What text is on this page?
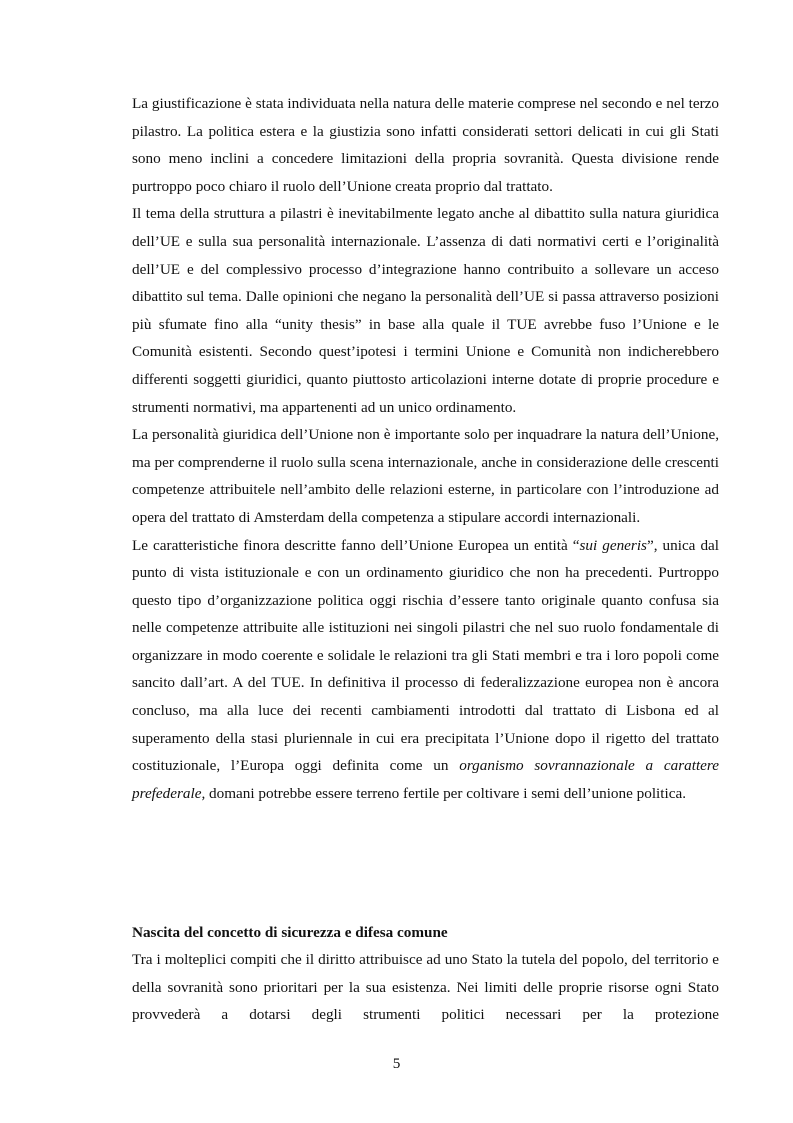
La giustificazione è stata individuata nella natura delle materie comprese nel secondo e nel terzo pilastro. La politica estera e la giustizia sono infatti considerati settori delicati in cui gli Stati sono meno inclini a concedere limitazioni della propria sovranità. Questa divisione rende purtroppo poco chiaro il ruolo dell’Unione creata proprio dal trattato.

Il tema della struttura a pilastri è inevitabilmente legato anche al dibattito sulla natura giuridica dell’UE e sulla sua personalità internazionale. L’assenza di dati normativi certi e l’originalità dell’UE e del complessivo processo d’integrazione hanno contribuito a sollevare un acceso dibattito sul tema. Dalle opinioni che negano la personalità dell’UE si passa attraverso posizioni più sfumate fino alla “unity thesis” in base alla quale il TUE avrebbe fuso l’Unione e le Comunità esistenti. Secondo quest’ipotesi i termini Unione e Comunità non indicherebbero differenti soggetti giuridici, quanto piuttosto articolazioni interne dotate di proprie procedure e strumenti normativi, ma appartenenti ad un unico ordinamento.

La personalità giuridica dell’Unione non è importante solo per inquadrare la natura dell’Unione, ma per comprenderne il ruolo sulla scena internazionale, anche in considerazione delle crescenti competenze attribuitele nell’ambito delle relazioni esterne, in particolare con l’introduzione ad opera del trattato di Amsterdam della competenza a stipulare accordi internazionali.

Le caratteristiche finora descritte fanno dell’Unione Europea un entità “sui generis”, unica dal punto di vista istituzionale e con un ordinamento giuridico che non ha precedenti. Purtroppo questo tipo d’organizzazione politica oggi rischia d’essere tanto originale quanto confusa sia nelle competenze attribuite alle istituzioni nei singoli pilastri che nel suo ruolo fondamentale di organizzare in modo coerente e solidale le relazioni tra gli Stati membri e tra i loro popoli come sancito dall’art. A del TUE. In definitiva il processo di federalizzazione europea non è ancora concluso, ma alla luce dei recenti cambiamenti introdotti dal trattato di Lisbona ed al superamento della stasi pluriennale in cui era precipitata l’Unione dopo il rigetto del trattato costituzionale, l’Europa oggi definita come un organismo sovrannazionale a carattere prefederale, domani potrebbe essere terreno fertile per coltivare i semi dell’unione politica.

Nascita del concetto di sicurezza e difesa comune

Tra i molteplici compiti che il diritto attribuisce ad uno Stato la tutela del popolo, del territorio e della sovranità sono prioritari per la sua esistenza. Nei limiti delle proprie risorse ogni Stato provvederà a dotarsi degli strumenti politici necessari per la protezione

5
